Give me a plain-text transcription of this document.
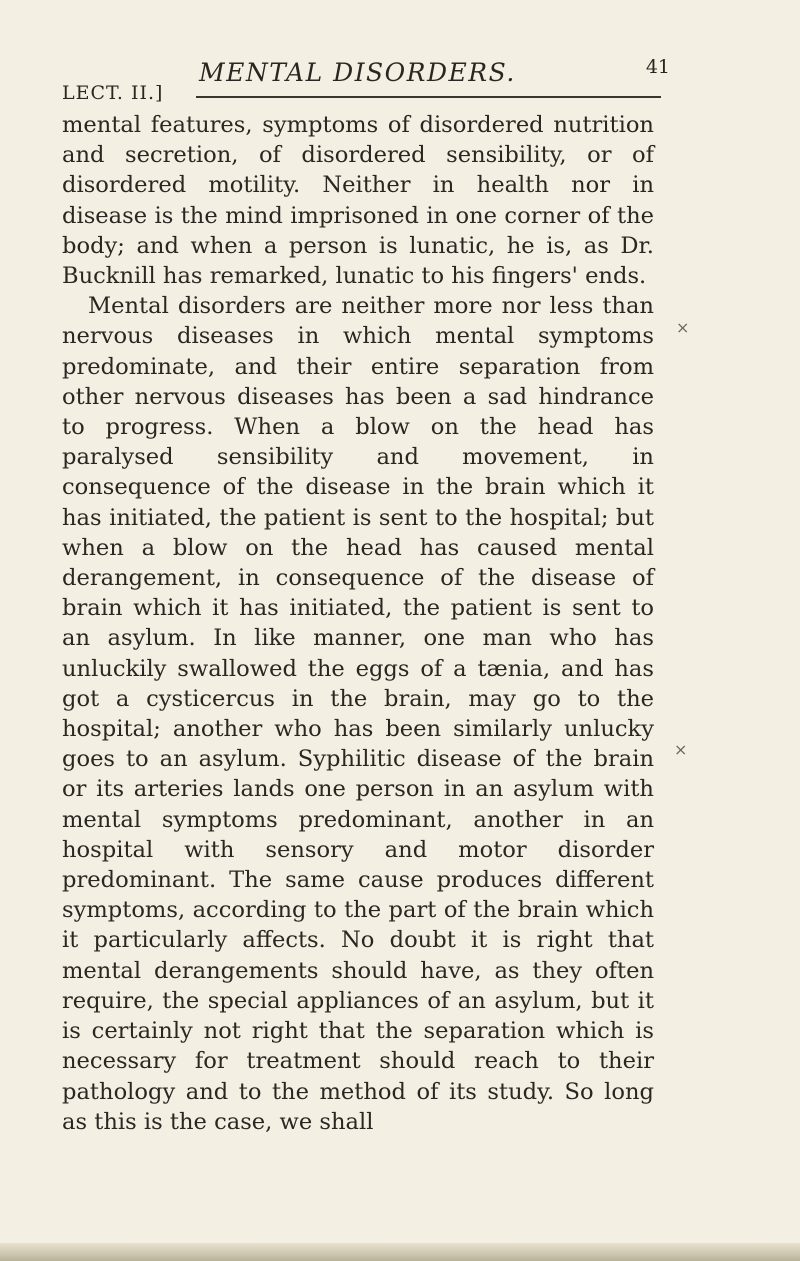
LECT. II.]
MENTAL DISORDERS.	41

mental features, symptoms of disordered nutrition and secretion, of disordered sensibility, or of disordered motility. Neither in health nor in disease is the mind imprisoned in one corner of the body; and when a person is lunatic, he is, as Dr. Bucknill has remarked, lunatic to his fingers' ends.

Mental disorders are neither more nor less than nervous diseases in which mental symptoms predominate, and their entire separation from other nervous diseases has been a sad hindrance to progress. When a blow on the head has paralysed sensibility and movement, in consequence of the disease in the brain which it has initiated, the patient is sent to the hospital; but when a blow on the head has caused mental derangement, in consequence of the disease of brain which it has initiated, the patient is sent to an asylum. In like manner, one man who has unluckily swallowed the eggs of a tænia, and has got a cysticercus in the brain, may go to the hospital; another who has been similarly unlucky goes to an asylum. Syphilitic disease of the brain or its arteries lands one person in an asylum with mental symptoms predominant, another in an hospital with sensory and motor disorder predominant. The same cause produces different symptoms, according to the part of the brain which it particularly affects. No doubt it is right that mental derangements should have, as they often require, the special appliances of an asylum, but it is certainly not right that the separation which is necessary for treatment should reach to their pathology and to the method of its study. So long as this is the case, we shall

×
×
